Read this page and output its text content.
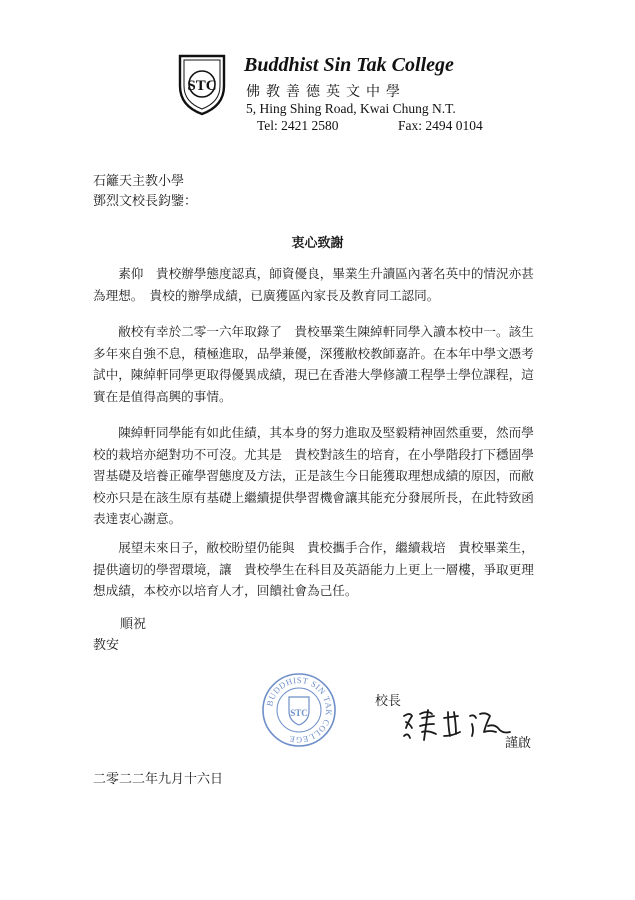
STC
Buddhist Sin Tak College
佛教善德英文中學
5, Hing Shing Road, Kwai Chung N.T.
Tel: 2421 2580	Fax: 2494 0104
石籬天主教小學
鄧烈文校長鈞鑒：
衷心致謝
　　素仰　貴校辦學態度認真，師資優良，畢業生升讀區內著名英中的情況亦甚
為理想。　貴校的辦學成績，已廣獲區內家長及教育同工認同。
　　敝校有幸於二零一六年取錄了　貴校畢業生陳綽軒同學入讀本校中一。該生
多年來自強不息，積極進取，品學兼優，深獲敝校教師嘉許。在本年中學文憑考
試中，陳綽軒同學更取得優異成績，現已在香港大學修讀工程學士學位課程，這
實在是值得高興的事情。
　　陳綽軒同學能有如此佳績，其本身的努力進取及堅毅精神固然重要，然而學
校的栽培亦絕對功不可沒。尤其是　貴校對該生的培育，在小學階段打下穩固學
習基礎及培養正確學習態度及方法，正是該生今日能獲取理想成績的原因，而敝
校亦只是在該生原有基礎上繼續提供學習機會讓其能充分發展所長，在此特致函
表達衷心謝意。
　　展望未來日子，敝校盼望仍能與　貴校攜手合作，繼續栽培　貴校畢業生，
提供適切的學習環境，讓　貴校學生在科目及英語能力上更上一層樓，爭取更理
想成績，本校亦以培育人才，回饋社會為己任。
順祝
教安
BUDDHIST SIN TAK COLLEGE
STC
校長
謹啟
二零二二年九月十六日
